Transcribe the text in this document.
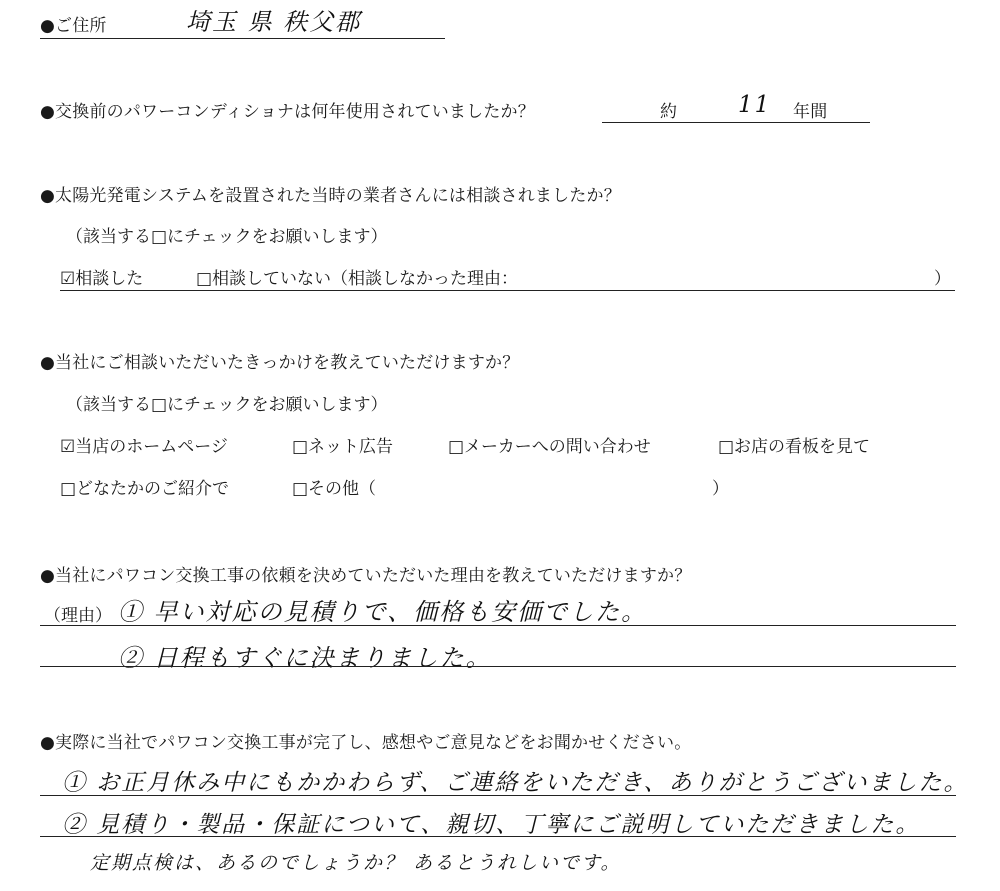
●ご住所	埼玉 県 秩父郡
●交換前のパワーコンディショナは何年使用されていましたか？	約	11 年間
●太陽光発電システムを設置された当時の業者さんには相談されましたか？
（該当する□にチェックをお願いします）
☑相談した	□相談していない（相談しなかった理由：	）
●当社にご相談いただいたきっかけを教えていただけますか？
（該当する□にチェックをお願いします）
☑当店のホームページ	□ネット広告	□メーカーへの問い合わせ	□お店の看板を見て
□どなたかのご紹介で	□その他（	）
●当社にパワコン交換工事の依頼を決めていただいた理由を教えていただけますか？
（理由） ① 早い対応の見積りで、価格も安価でした。
② 日程もすぐに決まりました。
●実際に当社でパワコン交換工事が完了し、感想やご意見などをお聞かせください。
① お正月休み中にもかかわらず、ご連絡をいただき、ありがとうございました。
② 見積り・製品・保証について、親切、丁寧にご説明していただきました。
定期点検は、あるのでしょうか？ あるとうれしいです。
